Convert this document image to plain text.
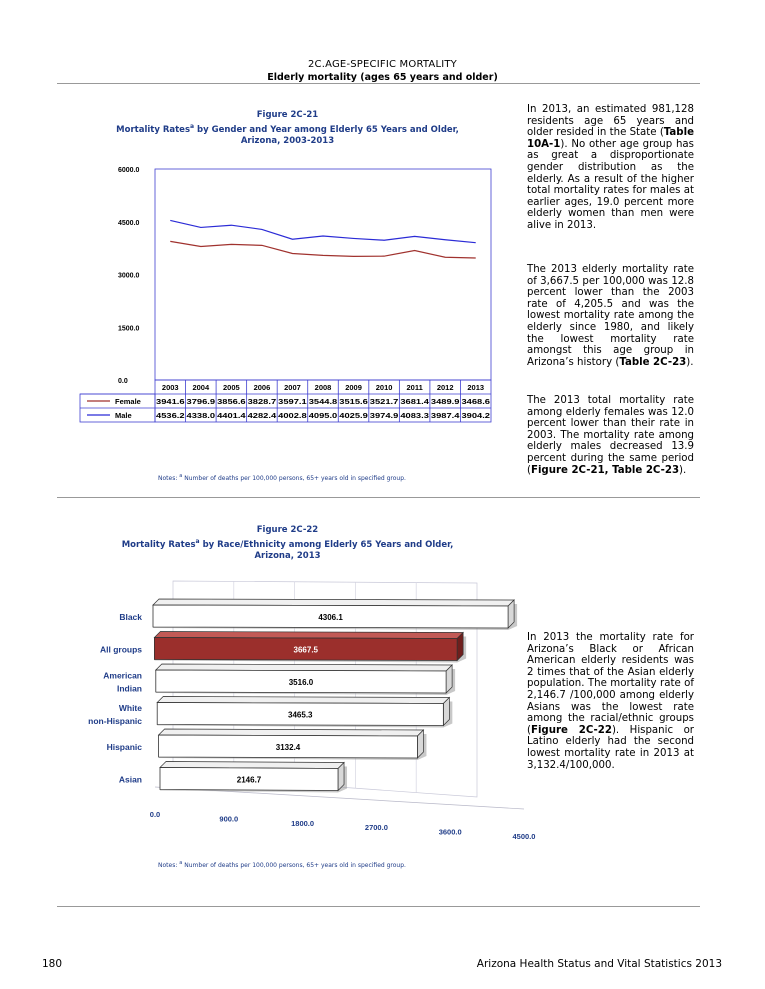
2C.AGE-SPECIFIC MORTALITY
Elderly mortality (ages 65 years and older)
Figure 2C-21
Mortality Rates$^a$ by Gender and Year among Elderly 65 Years and Older,
Arizona, 2003-2013
0.0
1500.0
3000.0
4500.0
6000.0
2003 2004 2005 2006 2007 2008 2009 2010 2011 2012 2013
Female 3941.6 3796.9 3856.6 3828.7 3597.1 3544.8 3515.6 3521.7 3681.4 3489.9 3468.6
Male	4536.2 4338.0 4401.4 4282.4 4002.8 4095.0 4025.9 3974.9 4083.3 3987.4 3904.2
Notes: $^a$ Number of deaths per 100,000 persons, 65+ years old in specified group.
Figure 2C-22
Mortality Rates$^a$ by Race/Ethnicity among Elderly 65 Years and Older,
Arizona, 2013
0.0	900.0	1800.0	2700.0	3600.0	4500.0
4306.1
Black
3667.5
All groups
3516.0
American
Indian
3465.3
White
non-Hispanic
3132.4
Hispanic
2146.7
Asian
Notes: $^a$ Number of deaths per 100,000 persons, 65+ years old in specified group.
In 2013, an estimated 981,128 residents age 65 years and older resided in the State (Table 10A-1). No other age group has as great a disproportionate gender distribution as the elderly. As a result of the higher total mortality rates for males at earlier ages, 19.0 percent more elderly women than men were alive in 2013.
The 2013 elderly mortality rate of 3,667.5 per 100,000 was 12.8 percent lower than the 2003 rate of 4,205.5 and was the lowest mortality rate among the elderly since 1980, and likely the lowest mortality rate amongst this age group in Arizona’s history (Table 2C-23).
The 2013 total mortality rate among elderly females was 12.0 percent lower than their rate in 2003. The mortality rate among elderly males decreased 13.9 percent during the same period (Figure 2C-21, Table 2C-23).
In 2013 the mortality rate for Arizona’s Black or African American elderly residents was 2 times that of the Asian elderly population. The mortality rate of 2,146.7 /100,000 among elderly Asians was the lowest rate among the racial/ethnic groups (Figure 2C-22). Hispanic or Latino elderly had the second lowest mortality rate in 2013 at 3,132.4/100,000.
180	Arizona Health Status and Vital Statistics 2013
